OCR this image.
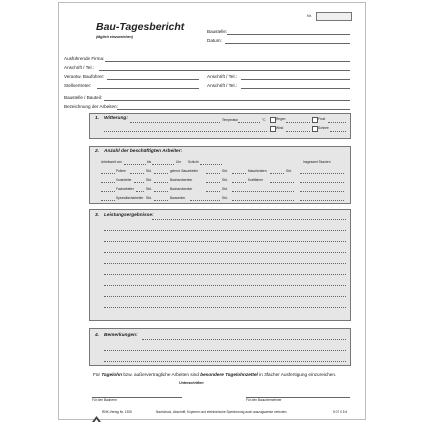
Bau-Tagesbericht
(täglich einzureichen)
Nr.
Baustelle:
Datum:
Ausführende Firma:
Anschrift / Tel.:
Verantw. Bauführer:	Anschrift / Tel.:
Stellvertreter:	Anschrift / Tel.:
Baustelle / Bauteil:
Bezeichnung der Arbeiten:
1. Witterung:	Temperatur	°C	Regen	Frost
Wind	Schnee
2. Anzahl der beschäftigten Arbeiter:
Arbeitszeit von	bis	Uhr Schicht	Insgesamt Stunden
Poliere	Std.	gelernt. Bauarbeiter	Std.	Maschinisten	Std.
Vorarbeiter	Std.	Bauhandwerker	Std.	Kraftfahrer
Facharbeiter	Std.	Bauhandwerker	Std.
Spezialfacharbeiter Std.	Bauwerker	Std.
3. Leistungsergebnisse:
4. Bemerkungen:
Für Tagelohn bzw. außervertragliche Arbeiten sind besondere Tagelohnzettel in 3facher Ausfertigung einzureichen.
Unterschriften
Für den Bauherrn	Für den Bauunternehmer
RNK-Verlag Nr. 1305	Nachdruck, Abschrift, Kopieren und elektronische Speicherung auch auszugsweise verboten.	5 07 0 5 6
